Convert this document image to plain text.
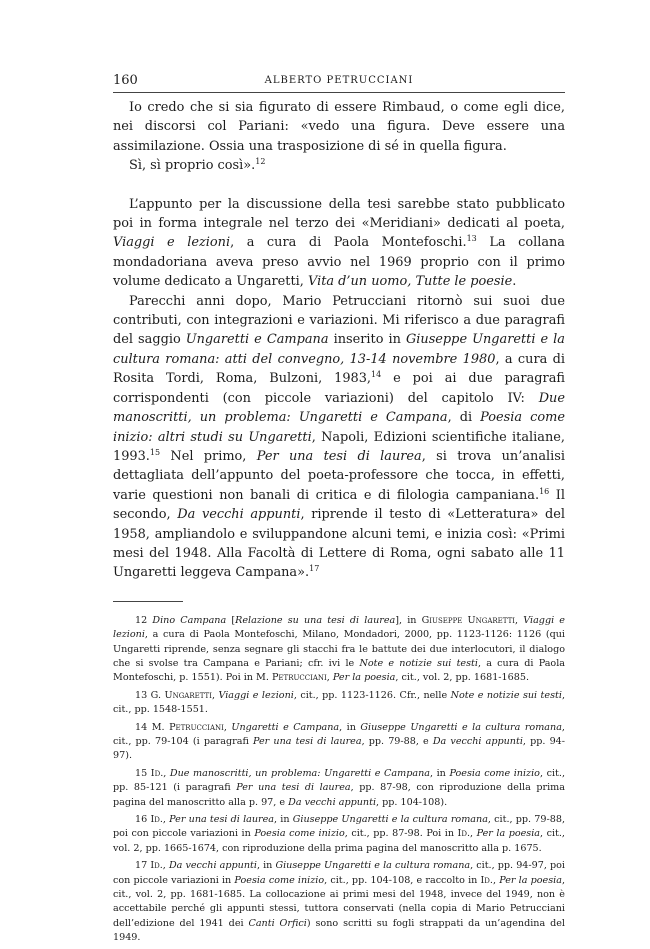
160	ALBERTO PETRUCCIANI

Io credo che si sia figurato di essere Rimbaud, o come egli dice, nei discorsi col Pariani: «vedo una figura. Deve essere una assimilazione. Ossia una trasposizione di sé in quella figura.

Sì, sì proprio così».$^{12}$

L’appunto per la discussione della tesi sarebbe stato pubblicato poi in forma integrale nel terzo dei «Meridiani» dedicati al poeta, Viaggi e lezioni, a cura di Paola Montefoschi.$^{13}$ La collana mondadoriana aveva preso avvio nel 1969 proprio con il primo volume dedicato a Ungaretti, Vita d’un uomo, Tutte le poesie.

Parecchi anni dopo, Mario Petrucciani ritornò sui suoi due contributi, con integrazioni e variazioni. Mi riferisco a due paragrafi del saggio Ungaretti e Campana inserito in Giuseppe Ungaretti e la cultura romana: atti del convegno, 13-14 novembre 1980, a cura di Rosita Tordi, Roma, Bulzoni, 1983,14 e poi ai due paragrafi corrispondenti (con piccole variazioni) del capitolo IV: Due manoscritti, un problema: Ungaretti e Campana, di Poesia come inizio: altri studi su Ungaretti, Napoli, Edizioni scientifiche italiane, 1993.15 Nel primo, Per una tesi di laurea, si trova un’analisi dettagliata dell’appunto del poeta-professore che tocca, in effetti, varie questioni non banali di critica e di filologia campaniana.$^{16}$ Il secondo, Da vecchi appunti, riprende il testo di «Letteratura» del 1958, ampliandolo e sviluppandone alcuni temi, e inizia così: «Primi mesi del 1948. Alla Facoltà di Lettere di Roma, ogni sabato alle 11 Ungaretti leggeva Campana».$^{17}$

12 Dino Campana [Relazione su una tesi di laurea], in Giuseppe Ungaretti, Viaggi e lezioni, a cura di Paola Montefoschi, Milano, Mondadori, 2000, pp. 1123-1126: 1126 (qui Ungaretti riprende, senza segnare gli stacchi fra le battute dei due interlocutori, il dialogo che si svolse tra Campana e Pariani; cfr. ivi le Note e notizie sui testi, a cura di Paola Montefoschi, p. 1551). Poi in M. Petrucciani, Per la poesia, cit., vol. 2, pp. 1681-1685.

13 G. Ungaretti, Viaggi e lezioni, cit., pp. 1123-1126. Cfr., nelle Note e notizie sui testi, cit., pp. 1548-1551.

14 M. Petrucciani, Ungaretti e Campana, in Giuseppe Ungaretti e la cultura romana, cit., pp. 79-104 (i paragrafi Per una tesi di laurea, pp. 79-88, e Da vecchi appunti, pp. 94-97).

15 Id., Due manoscritti, un problema: Ungaretti e Campana, in Poesia come inizio, cit., pp. 85-121 (i paragrafi Per una tesi di laurea, pp. 87-98, con riproduzione della prima pagina del manoscritto alla p. 97, e Da vecchi appunti, pp. 104-108).

16 Id., Per una tesi di laurea, in Giuseppe Ungaretti e la cultura romana, cit., pp. 79-88, poi con piccole variazioni in Poesia come inizio, cit., pp. 87-98. Poi in Id., Per la poesia, cit., vol. 2, pp. 1665-1674, con riproduzione della prima pagina del manoscritto alla p. 1675.

17 Id., Da vecchi appunti, in Giuseppe Ungaretti e la cultura romana, cit., pp. 94-97, poi con piccole variazioni in Poesia come inizio, cit., pp. 104-108, e raccolto in Id., Per la poesia, cit., vol. 2, pp. 1681-1685. La collocazione ai primi mesi del 1948, invece del 1949, non è accettabile perché gli appunti stessi, tuttora conservati (nella copia di Mario Petrucciani dell’edizione del 1941 dei Canti Orfici) sono scritti su fogli strappati da un’agendina del 1949.
